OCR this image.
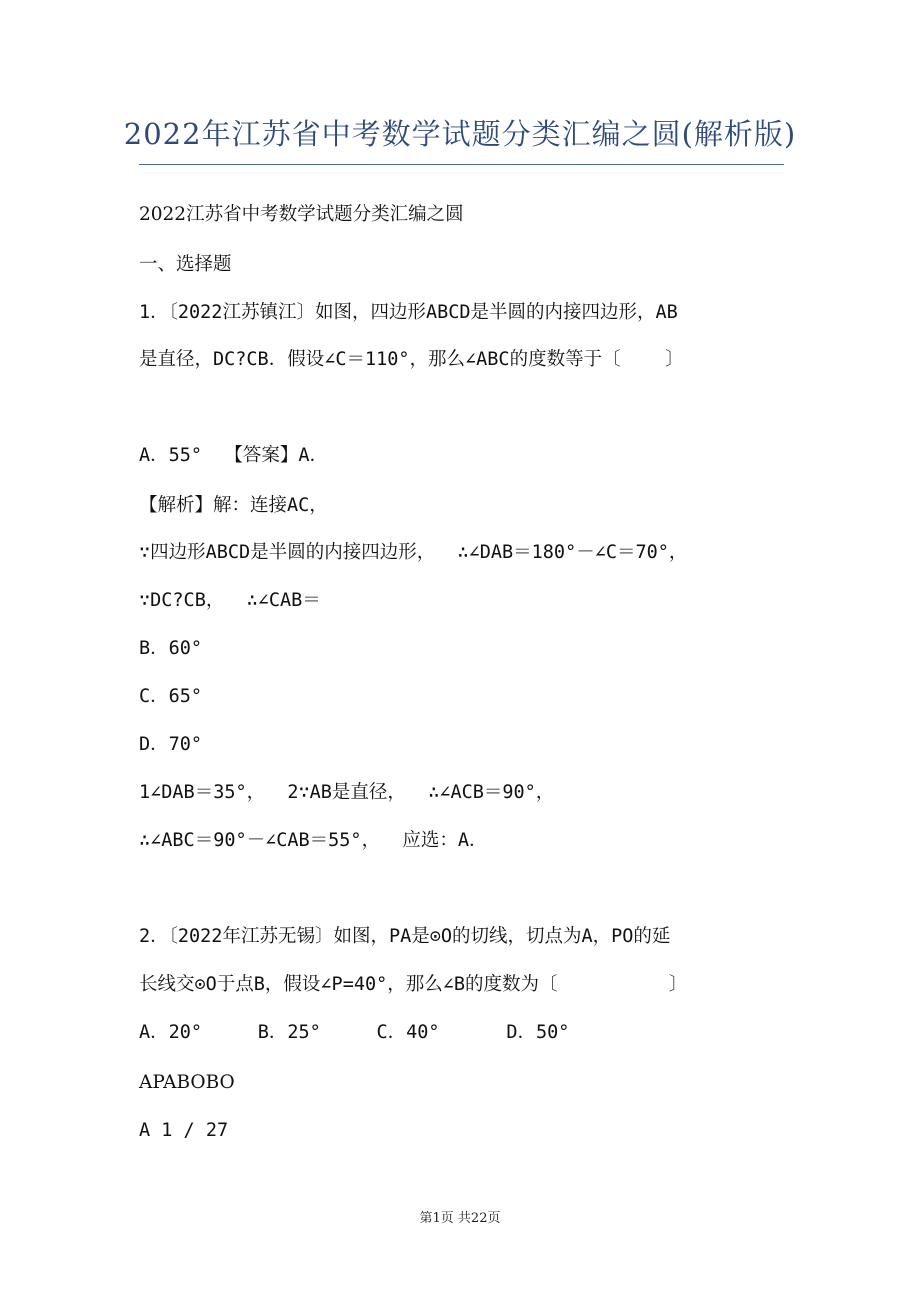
2022年江苏省中考数学试题分类汇编之圆(解析版)
2022江苏省中考数学试题分类汇编之圆
一、选择题
1．〔2022江苏镇江〕如图，四边形ABCD是半圆的内接四边形，AB
是直径，DC?CB．假设∠C＝110°，那么∠ABC的度数等于〔    〕
A．55°  【答案】A．
【解析】解：连接AC，
∵四边形ABCD是半圆的内接四边形，  ∴∠DAB＝180°－∠C＝70°，
∵DC?CB，  ∴∠CAB＝
B．60°
C．65°
D．70°
1∠DAB＝35°，  2∵AB是直径，  ∴∠ACB＝90°，
∴∠ABC＝90°－∠CAB＝55°，  应选：A．
2．〔2022年江苏无锡〕如图，PA是⊙O的切线，切点为A，PO的延
长线交⊙O于点B，假设∠P=40°，那么∠B的度数为〔          〕
A．20°     B．25°     C．40°      D．50°
APABOBO
A 1 / 27
第1页 共22页
